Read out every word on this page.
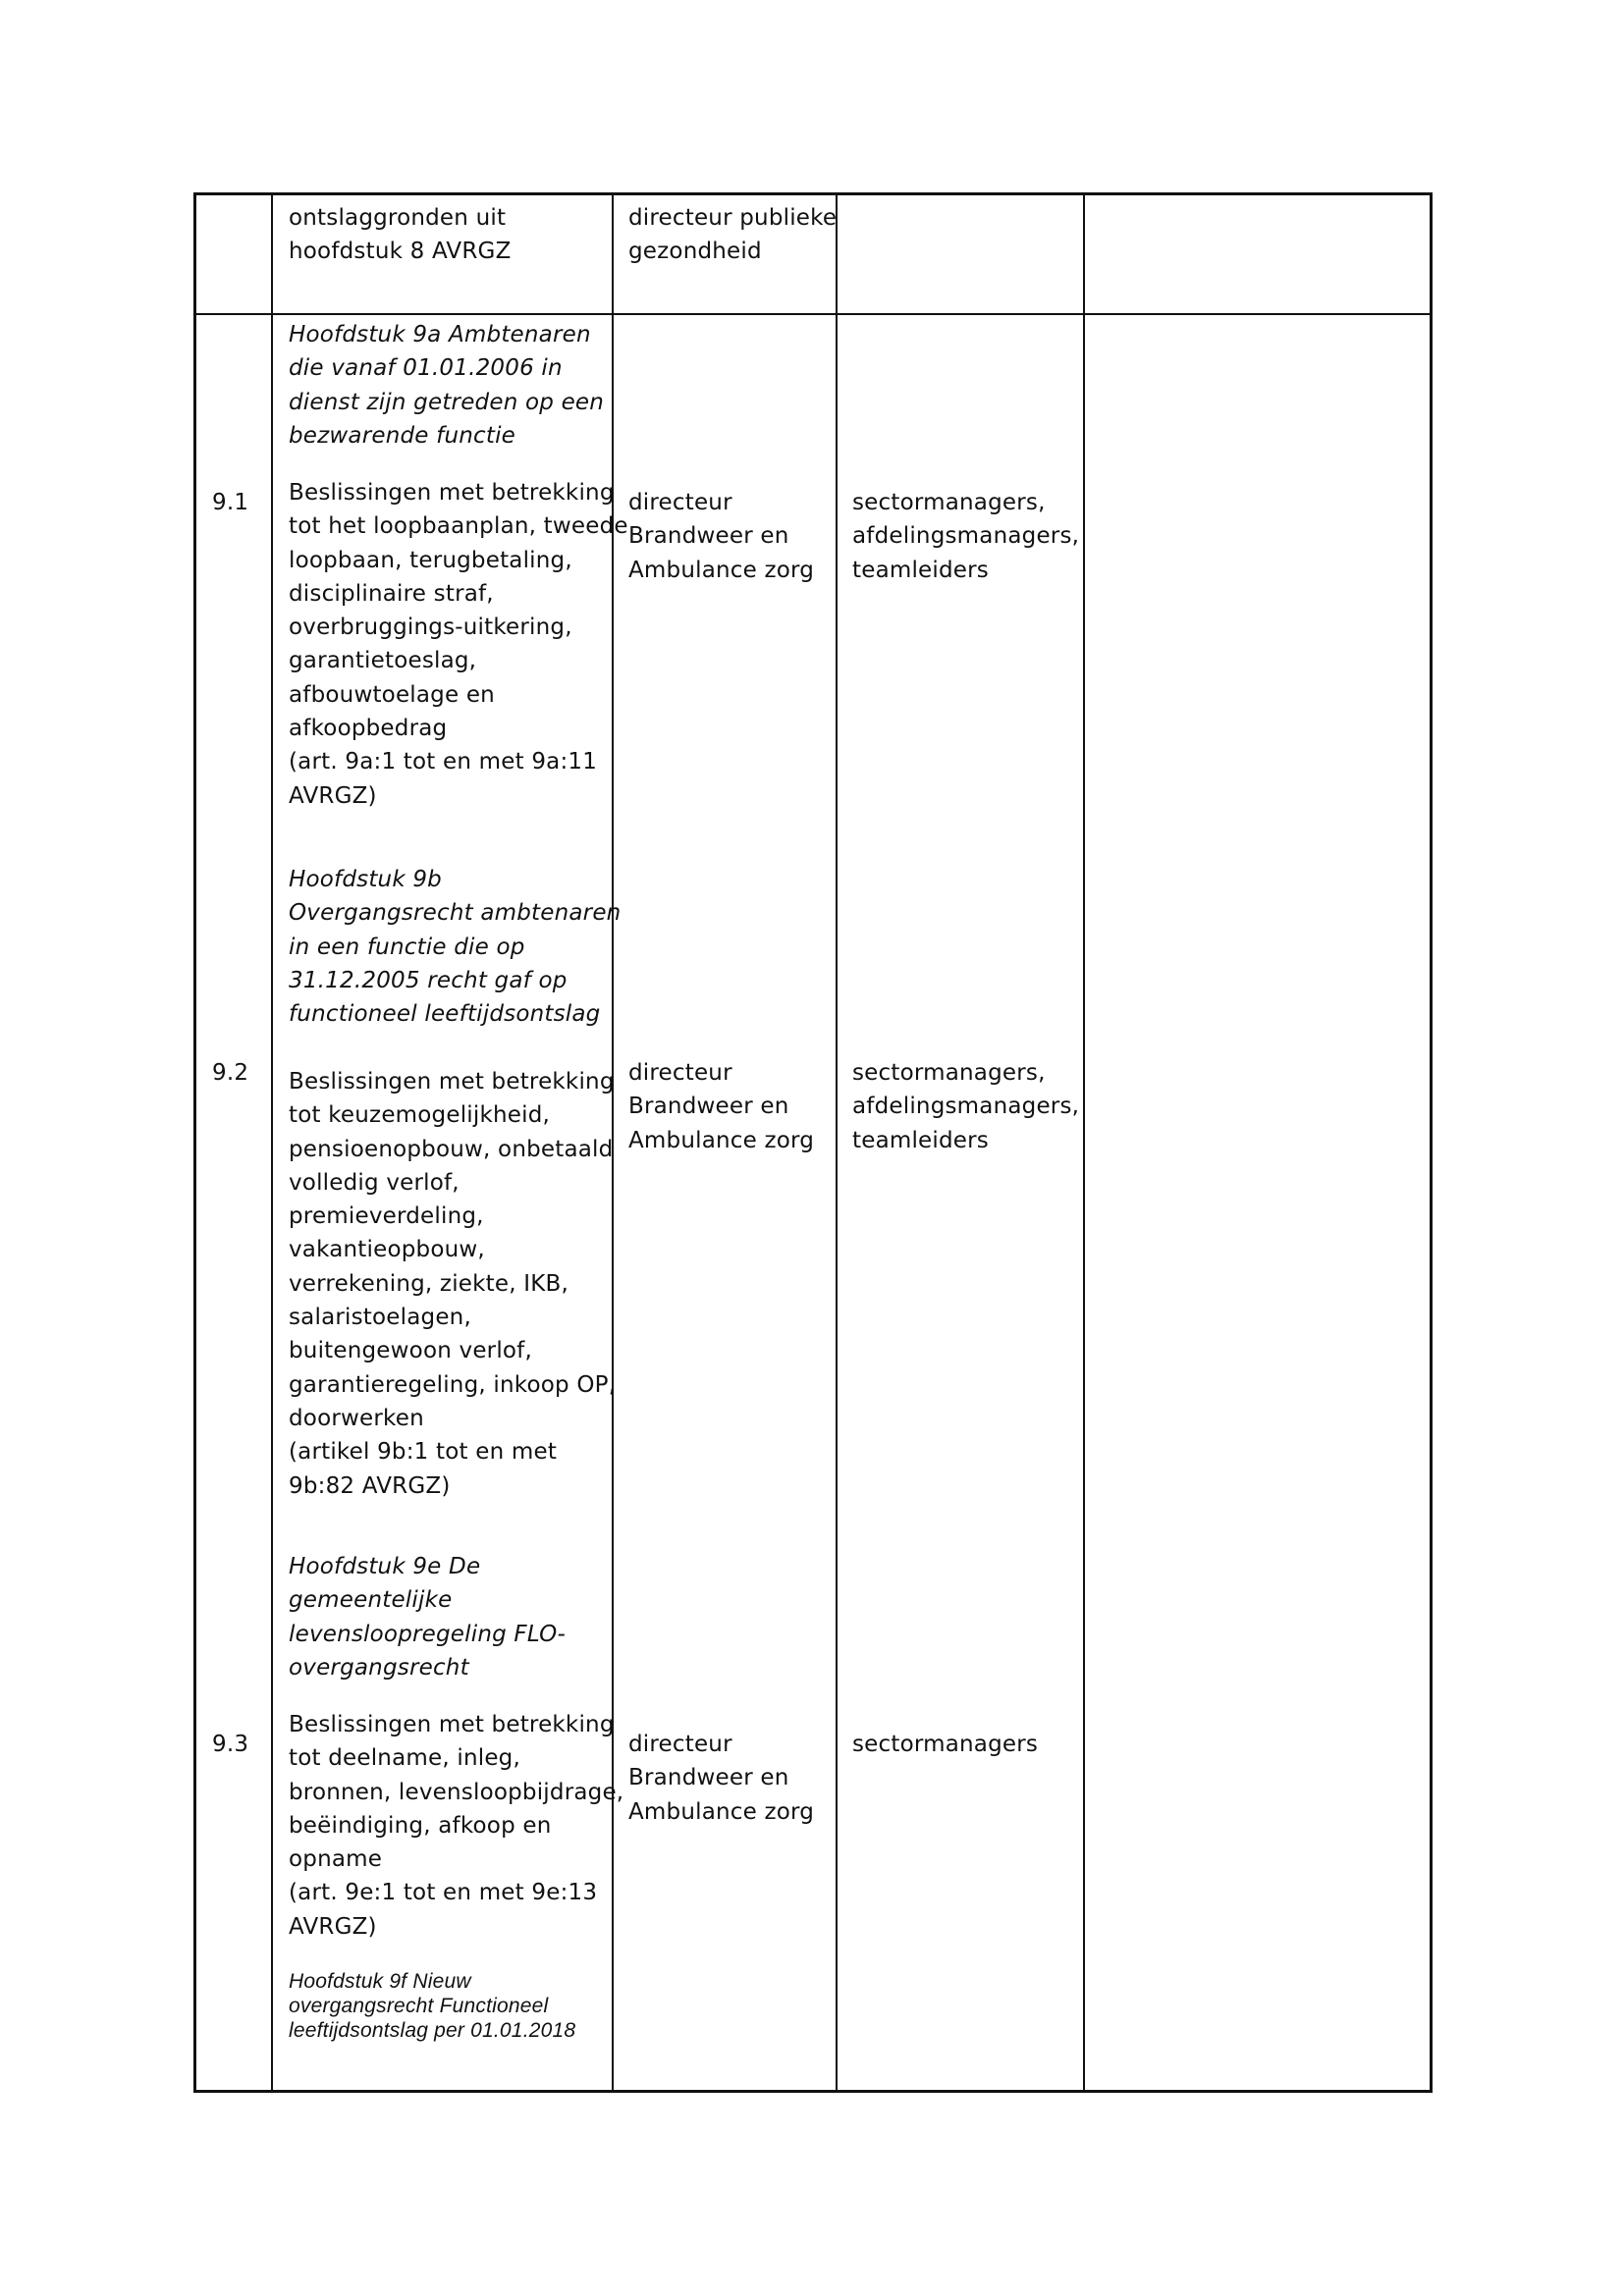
ontslaggronden uit
hoofdstuk 8 AVRGZ
directeur publieke
gezondheid
Hoofdstuk 9a Ambtenaren
die vanaf 01.01.2006 in
dienst zijn getreden op een
bezwarende functie
9.1 Beslissingen met betrekking
tot het loopbaanplan, tweede
loopbaan, terugbetaling,
disciplinaire straf,
overbruggings-uitkering,
garantietoeslag,
afbouwtoelage en
afkoopbedrag
(art. 9a:1 tot en met 9a:11
AVRGZ)
directeur
Brandweer en
Ambulance zorg
sectormanagers,
afdelingsmanagers,
teamleiders
Hoofdstuk 9b
Overgangsrecht ambtenaren
in een functie die op
31.12.2005 recht gaf op
functioneel leeftijdsontslag
9.2 Beslissingen met betrekking
tot keuzemogelijkheid,
pensioenopbouw, onbetaald
volledig verlof,
premieverdeling,
vakantieopbouw,
verrekening, ziekte, IKB,
salaristoelagen,
buitengewoon verlof,
garantieregeling, inkoop OP,
doorwerken
(artikel 9b:1 tot en met
9b:82 AVRGZ)
directeur
Brandweer en
Ambulance zorg
sectormanagers,
afdelingsmanagers,
teamleiders
Hoofdstuk 9e De
gemeentelijke
levensloopregeling FLO-
overgangsrecht
9.3
Beslissingen met betrekking
tot deelname, inleg,
bronnen, levensloopbijdrage,
beëindiging, afkoop en
opname
(art. 9e:1 tot en met 9e:13
AVRGZ)
directeur
Brandweer en
Ambulance zorg
sectormanagers
Hoofdstuk 9f Nieuw
overgangsrecht Functioneel
leeftijdsontslag per 01.01.2018
